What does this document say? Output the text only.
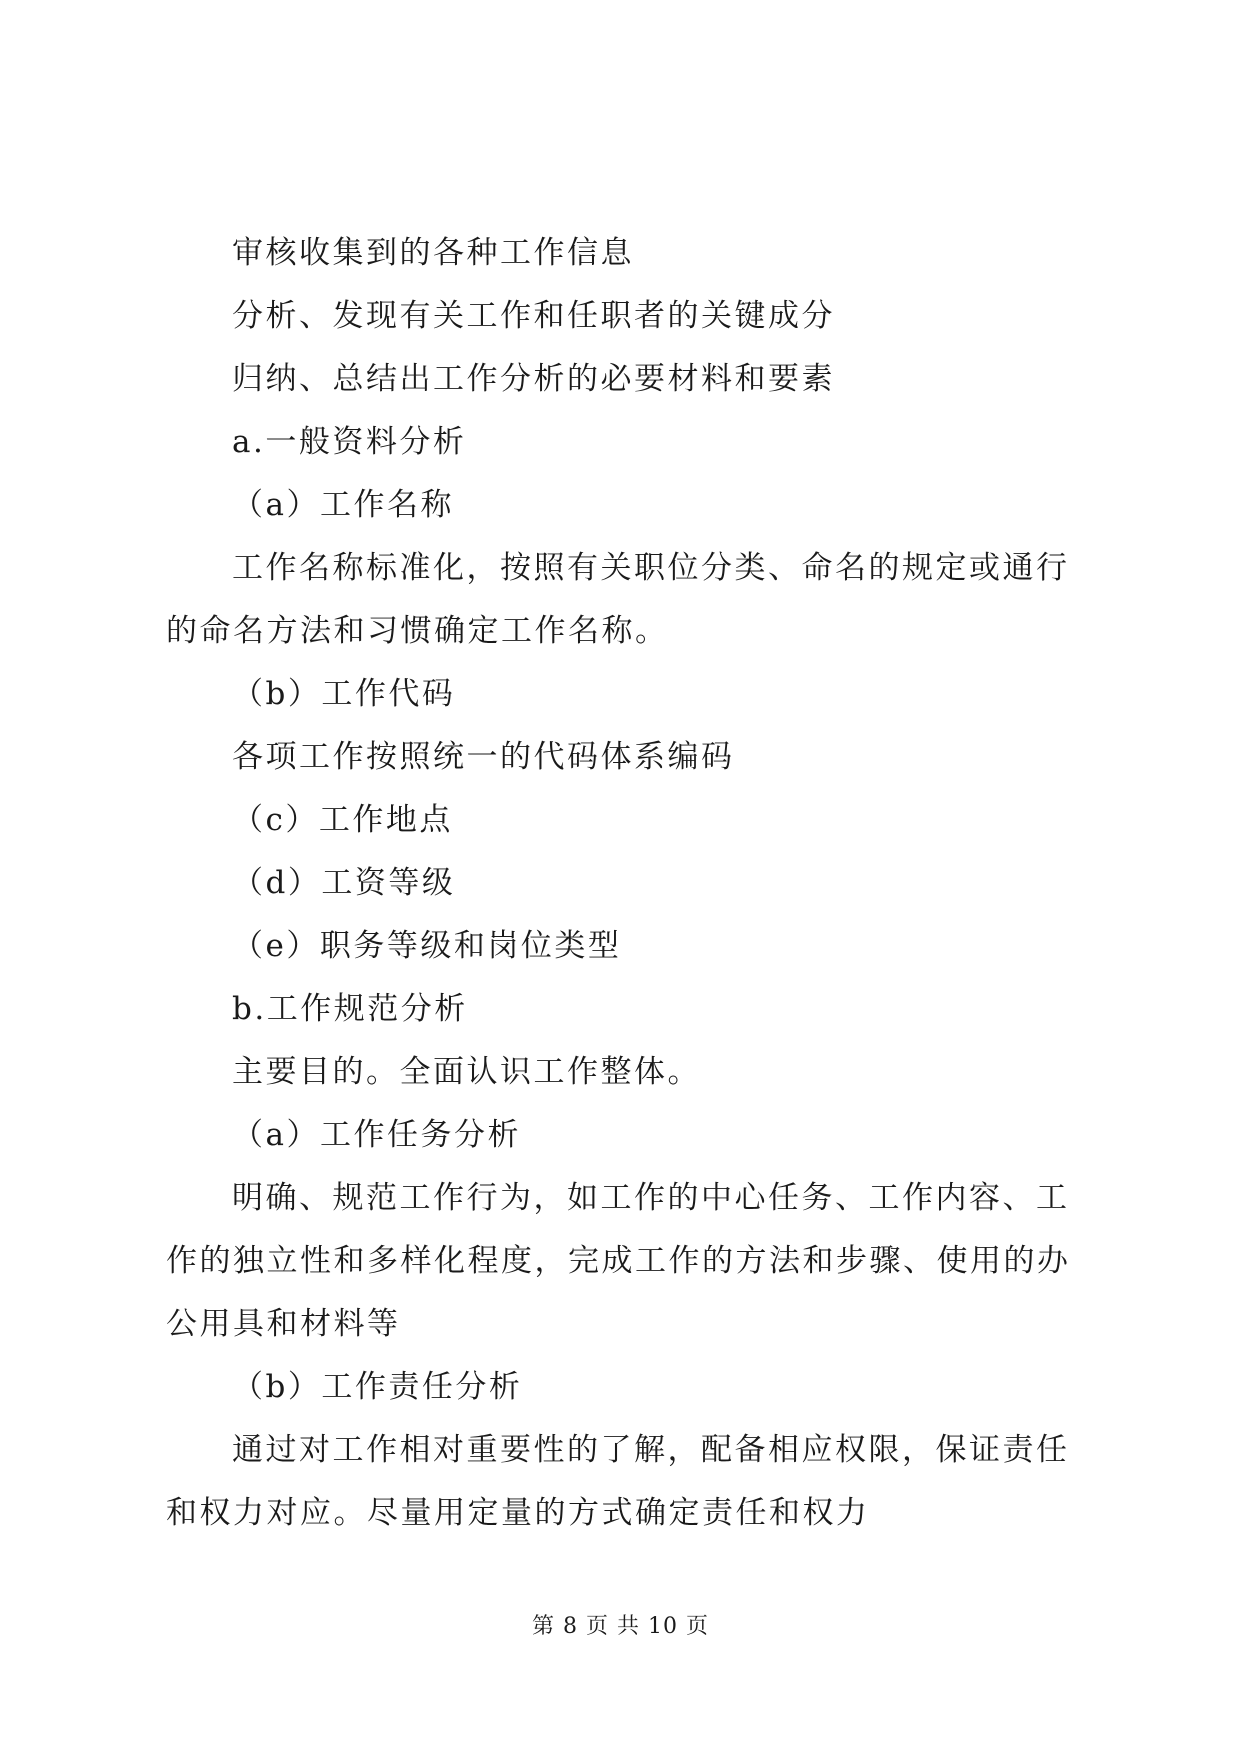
审核收集到的各种工作信息

分析、发现有关工作和任职者的关键成分

归纳、总结出工作分析的必要材料和要素

a.一般资料分析

（a）工作名称

工作名称标准化，按照有关职位分类、命名的规定或通行的命名方法和习惯确定工作名称。

（b）工作代码

各项工作按照统一的代码体系编码

（c）工作地点

（d）工资等级

（e）职务等级和岗位类型

b.工作规范分析

主要目的。全面认识工作整体。

（a）工作任务分析

明确、规范工作行为，如工作的中心任务、工作内容、工作的独立性和多样化程度，完成工作的方法和步骤、使用的办公用具和材料等

（b）工作责任分析

通过对工作相对重要性的了解，配备相应权限，保证责任和权力对应。尽量用定量的方式确定责任和权力

第 8 页 共 10 页
